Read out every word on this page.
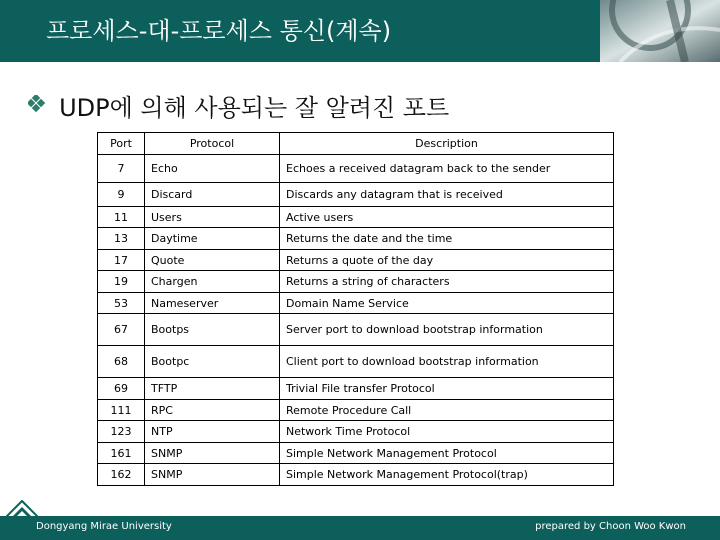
프로세스-대-프로세스 통신(계속)
UDP에 의해 사용되는 잘 알려진 포트
Port	Protocol	Description
7	Echo	Echoes a received datagram back to the sender
9	Discard	Discards any datagram that is received
11	Users	Active users
13	Daytime	Returns the date and the time
17	Quote	Returns a quote of the day
19	Chargen	Returns a string of characters
53	Nameserver	Domain Name Service
67	Bootps	Server port to download bootstrap information
68	Bootpc	Client port to download bootstrap information
69	TFTP	Trivial File transfer Protocol
111	RPC	Remote Procedure Call
123	NTP	Network Time Protocol
161	SNMP	Simple Network Management Protocol
162	SNMP	Simple Network Management Protocol(trap)
Dongyang Mirae University	prepared by Choon Woo Kwon
